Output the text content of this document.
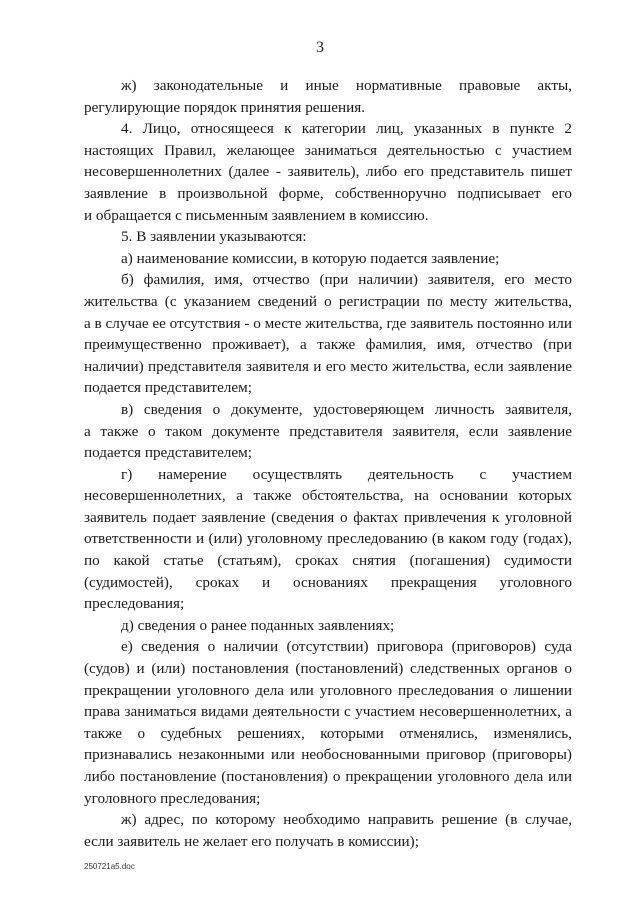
3
ж) законодательные и иные нормативные правовые акты,
регулирующие порядок принятия решения.
4. Лицо, относящееся к категории лиц, указанных в пункте 2
настоящих Правил, желающее заниматься деятельностью с участием
несовершеннолетних (далее - заявитель), либо его представитель пишет
заявление в произвольной форме, собственноручно подписывает его
и обращается с письменным заявлением в комиссию.
5. В заявлении указываются:
а) наименование комиссии, в которую подается заявление;
б) фамилия, имя, отчество (при наличии) заявителя, его место
жительства (с указанием сведений о регистрации по месту жительства,
а в случае ее отсутствия - о месте жительства, где заявитель постоянно или
преимущественно проживает), а также фамилия, имя, отчество (при
наличии) представителя заявителя и его место жительства, если заявление
подается представителем;
в) сведения о документе, удостоверяющем личность заявителя,
а также о таком документе представителя заявителя, если заявление
подается представителем;
г) намерение осуществлять деятельность с участием
несовершеннолетних, а также обстоятельства, на основании которых
заявитель подает заявление (сведения о фактах привлечения к уголовной
ответственности и (или) уголовному преследованию (в каком году (годах),
по какой статье (статьям), сроках снятия (погашения) судимости
(судимостей), сроках и основаниях прекращения уголовного
преследования;
д) сведения о ранее поданных заявлениях;
е) сведения о наличии (отсутствии) приговора (приговоров) суда
(судов) и (или) постановления (постановлений) следственных органов о
прекращении уголовного дела или уголовного преследования о лишении
права заниматься видами деятельности с участием несовершеннолетних, а
также о судебных решениях, которыми отменялись, изменялись,
признавались незаконными или необоснованными приговор (приговоры)
либо постановление (постановления) о прекращении уголовного дела или
уголовного преследования;
ж) адрес, по которому необходимо направить решение (в случае,
если заявитель не желает его получать в комиссии);
250721a5.doc
